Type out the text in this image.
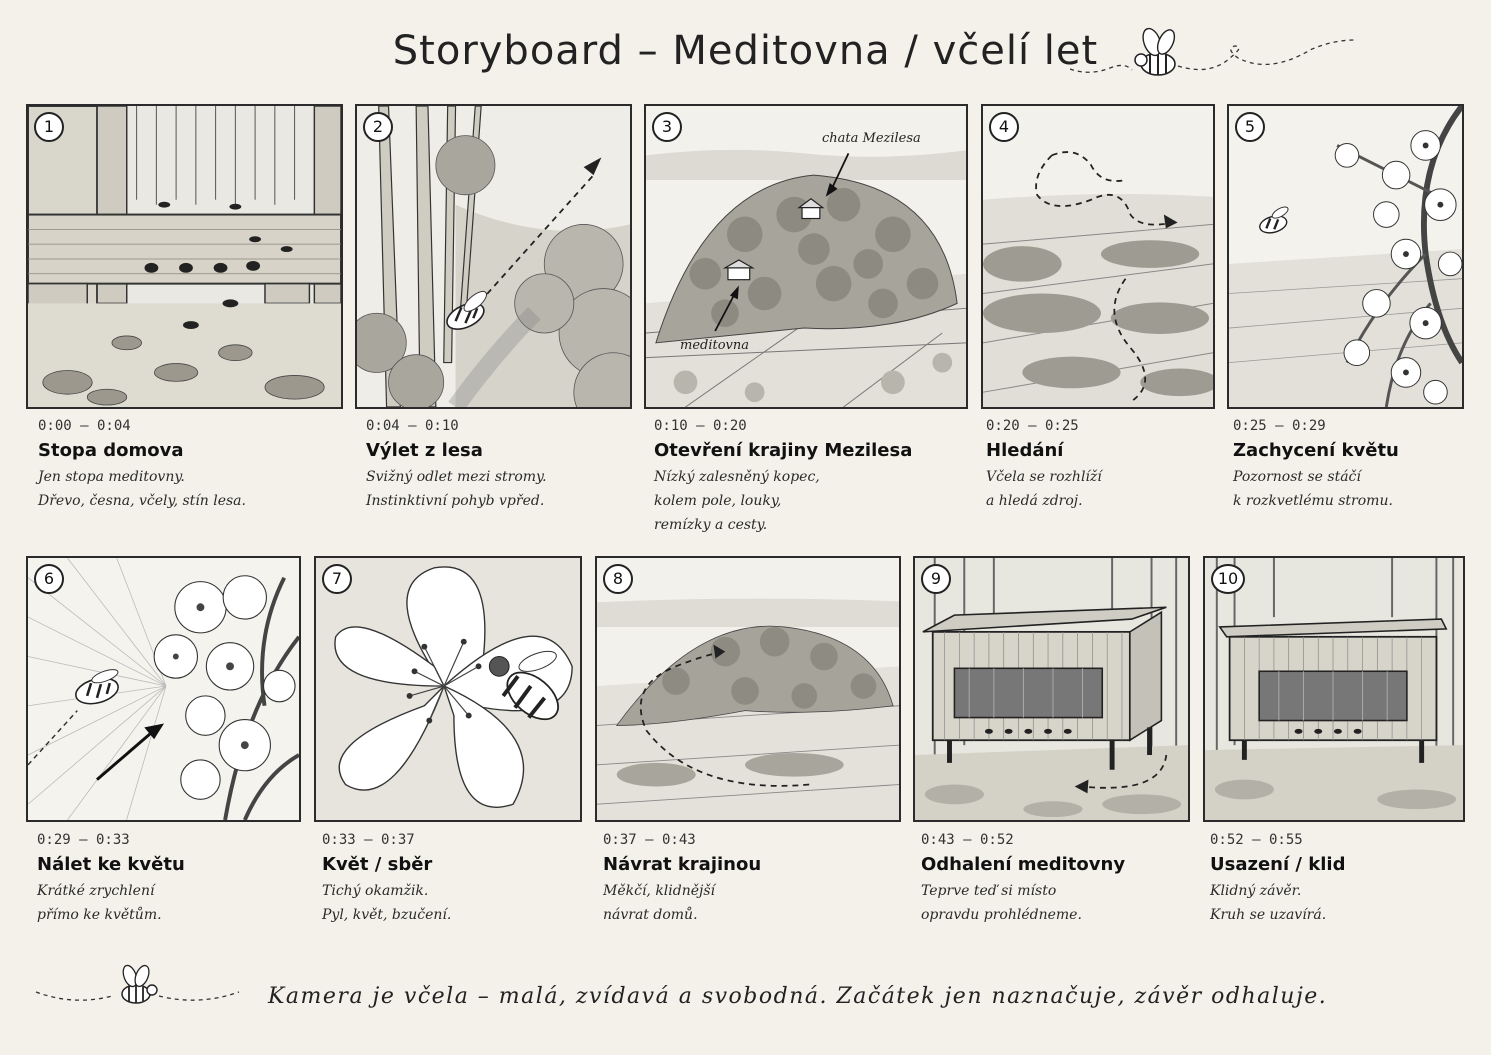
Storyboard – Meditovna / včelí let
1	2	3
chata Mezilesa
meditovna
4	5
0:00 – 0:04
Stopa domova
Jen stopa meditovny.
Dřevo, česna, včely, stín lesa.
0:04 – 0:10
Výlet z lesa
Svižný odlet mezi stromy.
Instinktivní pohyb vpřed.
0:10 – 0:20
Otevření krajiny Mezilesa
Nízký zalesněný kopec,
kolem pole, louky,
remízky a cesty.
0:20 – 0:25
Hledání
Včela se rozhlíží
a hledá zdroj.
0:25 – 0:29
Zachycení květu
Pozornost se stáčí
k rozkvetlému stromu.
6	7	8	9	10
0:29 – 0:33
Nálet ke květu
Krátké zrychlení
přímo ke květům.
0:33 – 0:37
Květ / sběr
Tichý okamžik.
Pyl, květ, bzučení.
0:37 – 0:43
Návrat krajinou
Měkčí, klidnější
návrat domů.
0:43 – 0:52
Odhalení meditovny
Teprve teď si místo
opravdu prohlédneme.
0:52 – 0:55
Usazení / klid
Klidný závěr.
Kruh se uzavírá.
Kamera je včela – malá, zvídavá a svobodná. Začátek jen naznačuje, závěr odhaluje.
